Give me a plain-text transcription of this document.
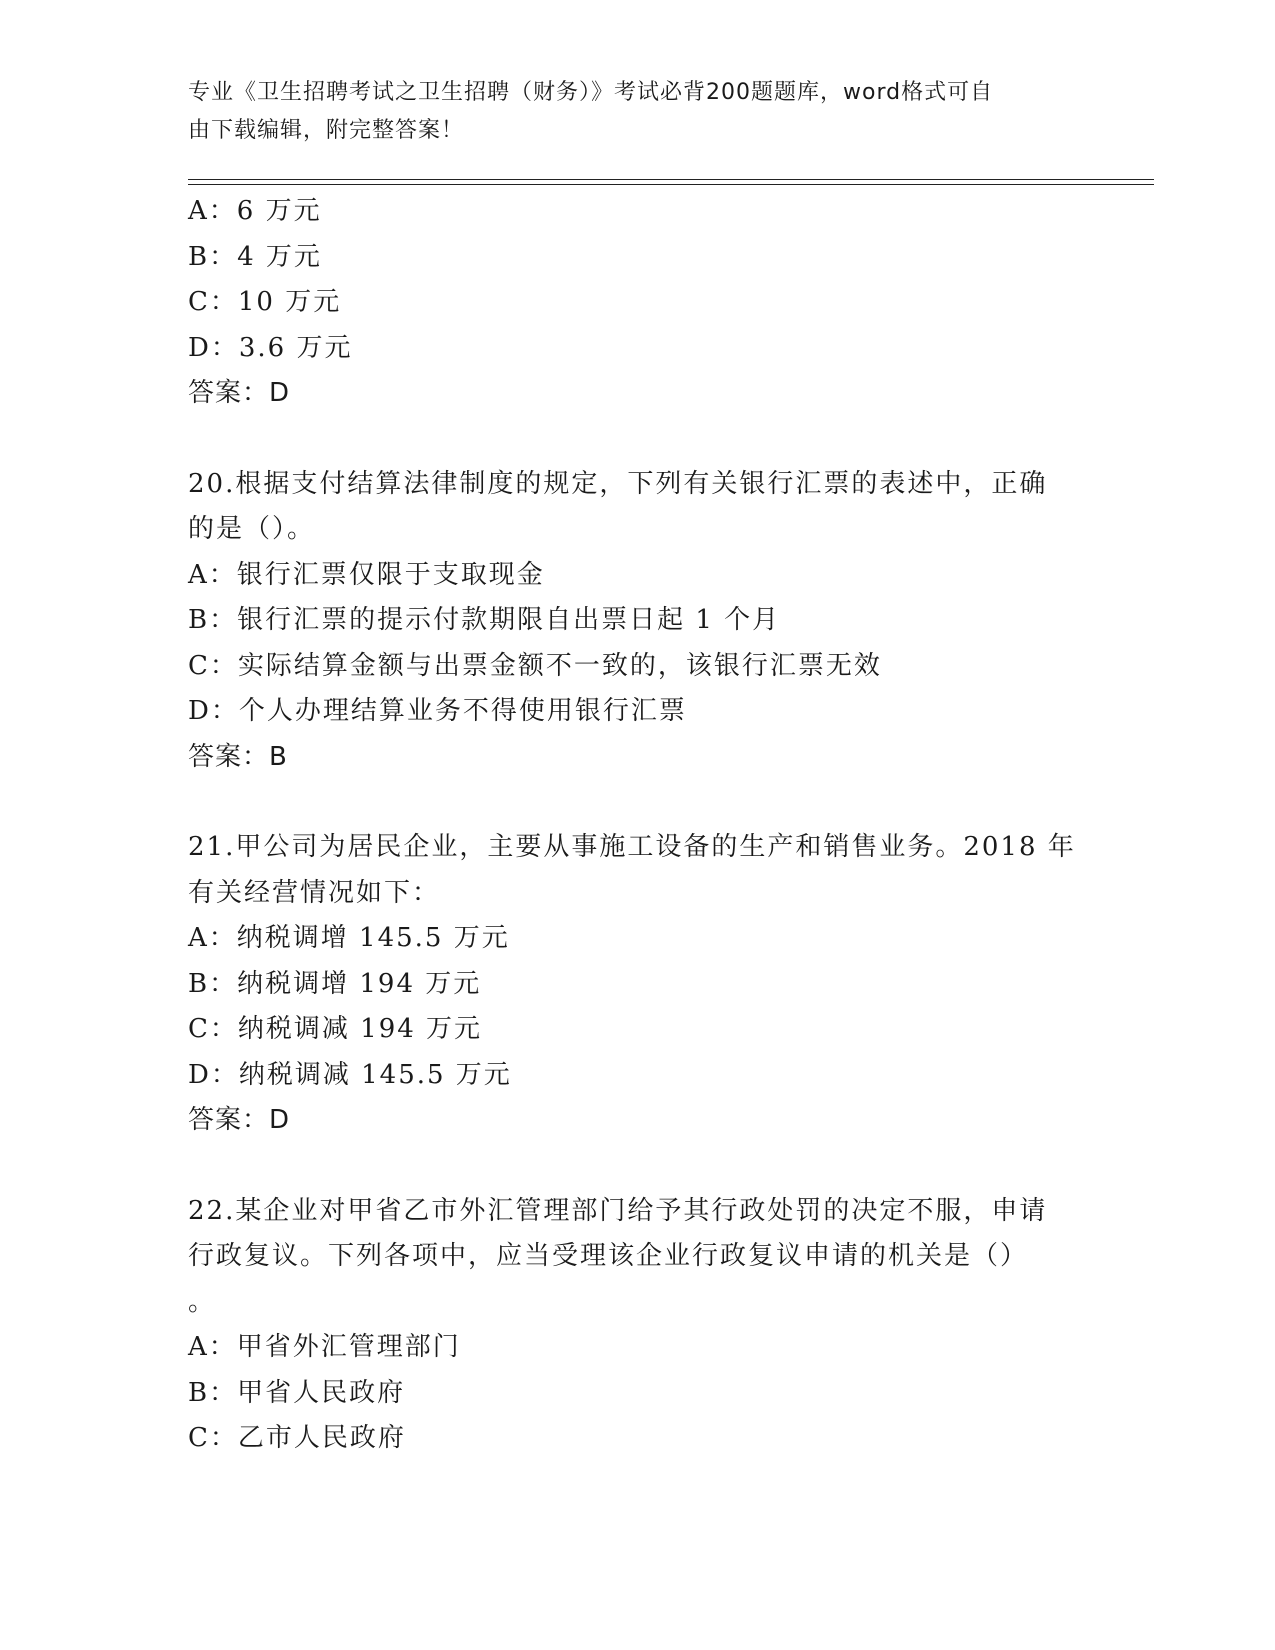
专业《卫生招聘考试之卫生招聘（财务）》考试必背200题题库，word格式可自
由下载编辑，附完整答案！
A：6 万元
B：4 万元
C：10 万元
D：3.6 万元
答案：D
20.根据支付结算法律制度的规定，下列有关银行汇票的表述中，正确
的是（）。
A：银行汇票仅限于支取现金
B：银行汇票的提示付款期限自出票日起 1 个月
C：实际结算金额与出票金额不一致的，该银行汇票无效
D：个人办理结算业务不得使用银行汇票
答案：B
21.甲公司为居民企业，主要从事施工设备的生产和销售业务。2018 年
有关经营情况如下：
A：纳税调增 145.5 万元
B：纳税调增 194 万元
C：纳税调减 194 万元
D：纳税调减 145.5 万元
答案：D
22.某企业对甲省乙市外汇管理部门给予其行政处罚的决定不服，申请
行政复议。下列各项中，应当受理该企业行政复议申请的机关是（）
。
A：甲省外汇管理部门
B：甲省人民政府
C：乙市人民政府
